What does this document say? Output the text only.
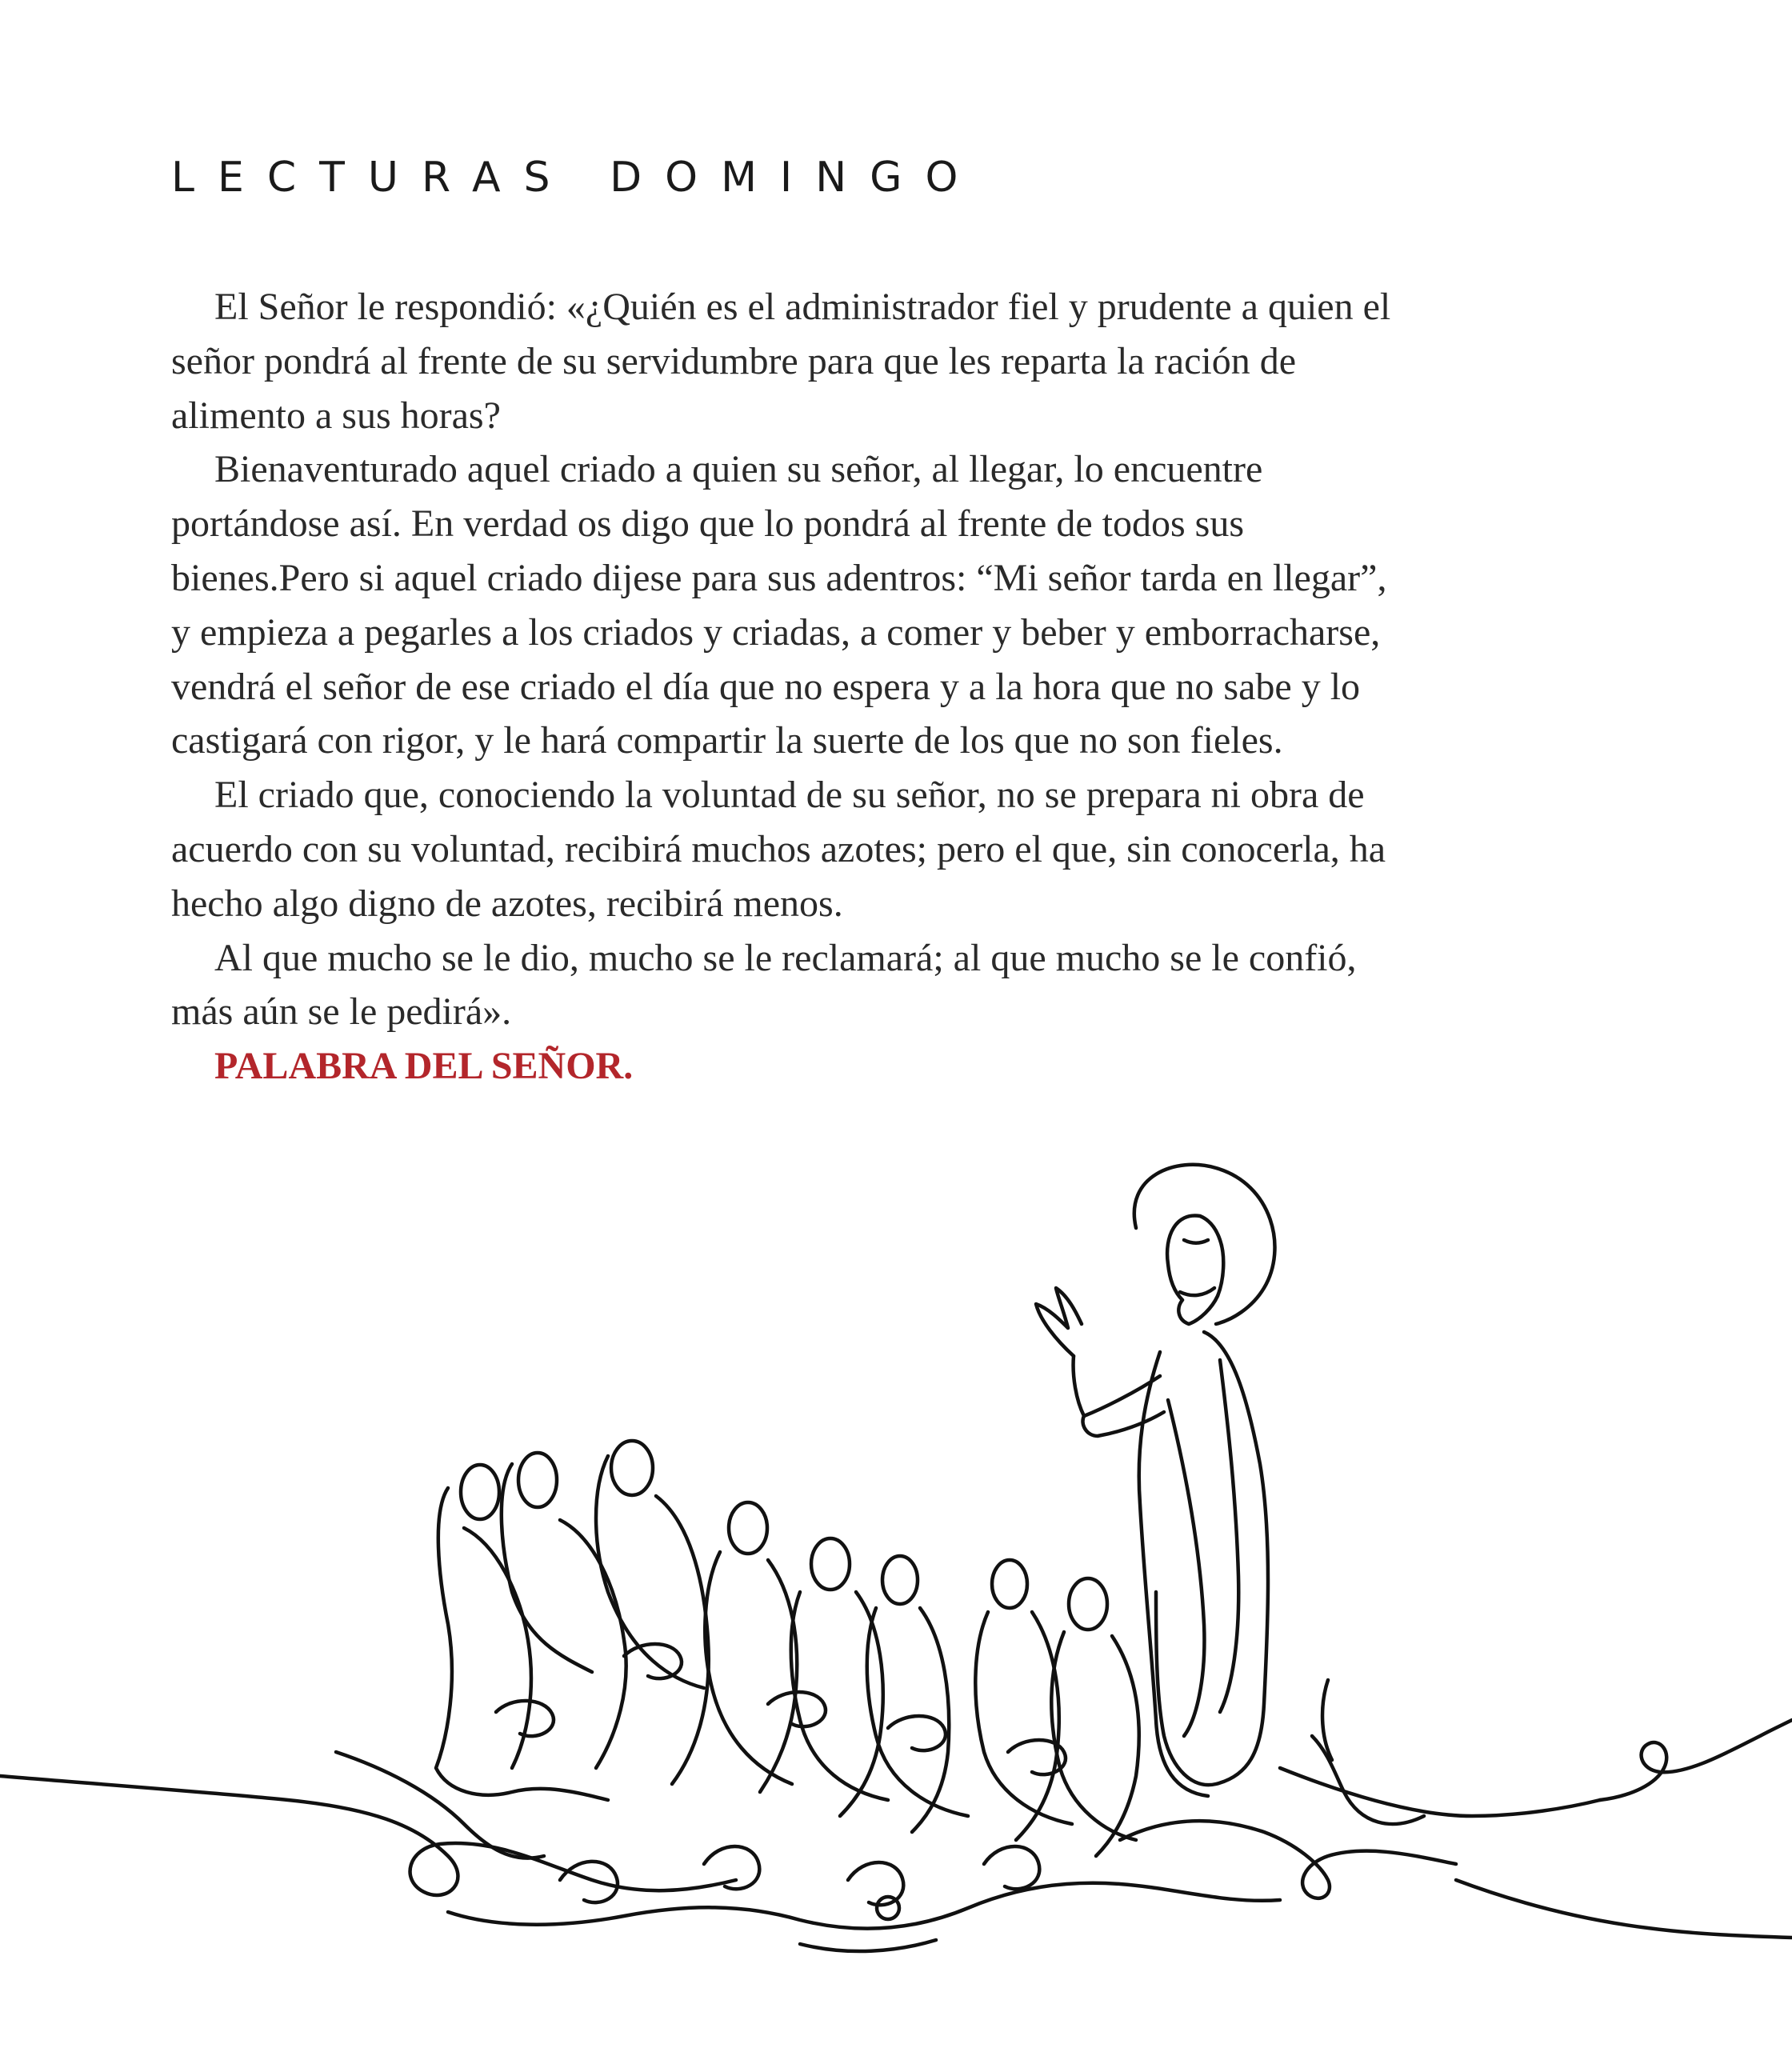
LECTURAS DOMINGO

El Señor le respondió: «¿Quién es el administrador fiel y prudente a quien el señor pondrá al frente de su servidumbre para que les reparta la ración de alimento a sus horas?

Bienaventurado aquel criado a quien su señor, al llegar, lo encuentre portándose así. En verdad os digo que lo pondrá al frente de todos sus bienes.Pero si aquel criado dijese para sus adentros: “Mi señor tarda en llegar”, y empieza a pegarles a los criados y criadas, a comer y beber y emborracharse, vendrá el señor de ese criado el día que no espera y a la hora que no sabe y lo castigará con rigor, y le hará compartir la suerte de los que no son fieles.

El criado que, conociendo la voluntad de su señor, no se prepara ni obra de acuerdo con su voluntad, recibirá muchos azotes; pero el que, sin conocerla, ha hecho algo digno de azotes, recibirá menos.

Al que mucho se le dio, mucho se le reclamará; al que mucho se le confió, más aún se le pedirá».

PALABRA DEL SEÑOR.
